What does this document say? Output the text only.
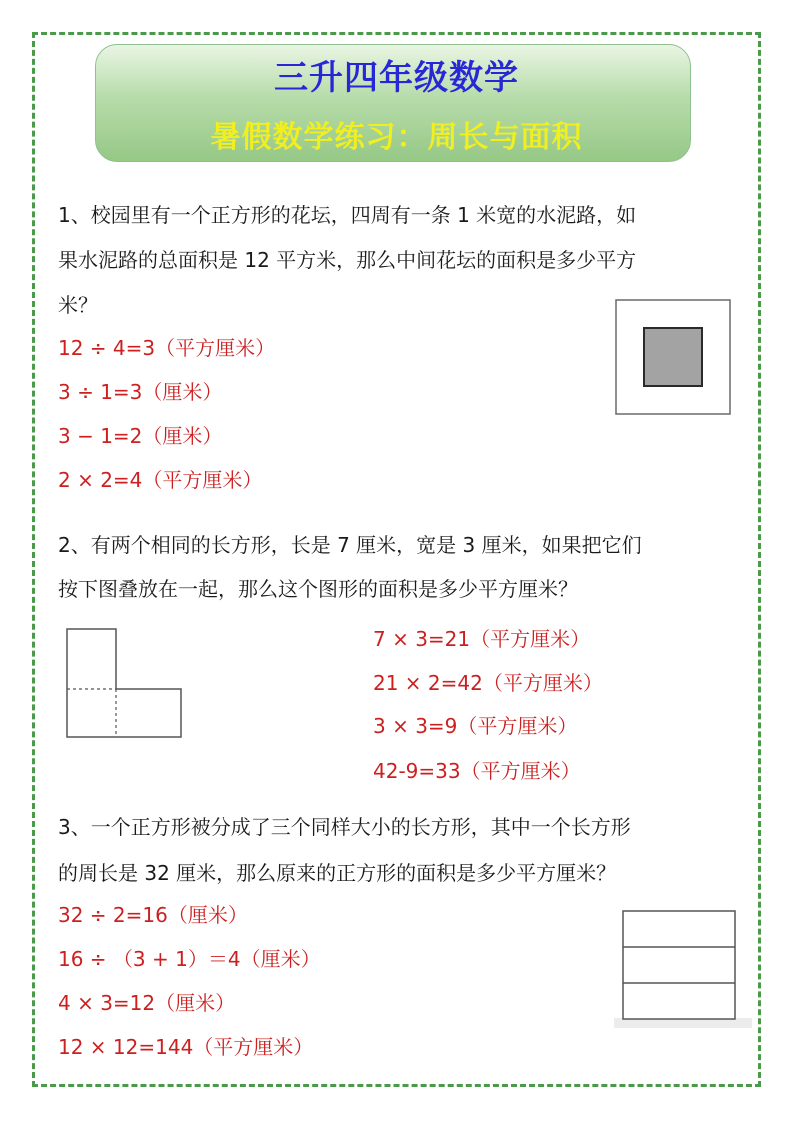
三升四年级数学
暑假数学练习：周长与面积
1、校园里有一个正方形的花坛，四周有一条 1 米宽的水泥路，如
果水泥路的总面积是 12 平方米，那么中间花坛的面积是多少平方
米？
12 ÷ 4=3（平方厘米）
3 ÷ 1=3（厘米）
3 − 1=2（厘米）
2 × 2=4（平方厘米）
2、有两个相同的长方形，长是 7 厘米，宽是 3 厘米，如果把它们
按下图叠放在一起，那么这个图形的面积是多少平方厘米？
7 × 3=21（平方厘米）
21 × 2=42（平方厘米）
3 × 3=9（平方厘米）
42-9=33（平方厘米）
3、一个正方形被分成了三个同样大小的长方形，其中一个长方形
的周长是 32 厘米，那么原来的正方形的面积是多少平方厘米？
32 ÷ 2=16（厘米）
16 ÷ （3 + 1）＝4（厘米）
4 × 3=12（厘米）
12 × 12=144（平方厘米）
